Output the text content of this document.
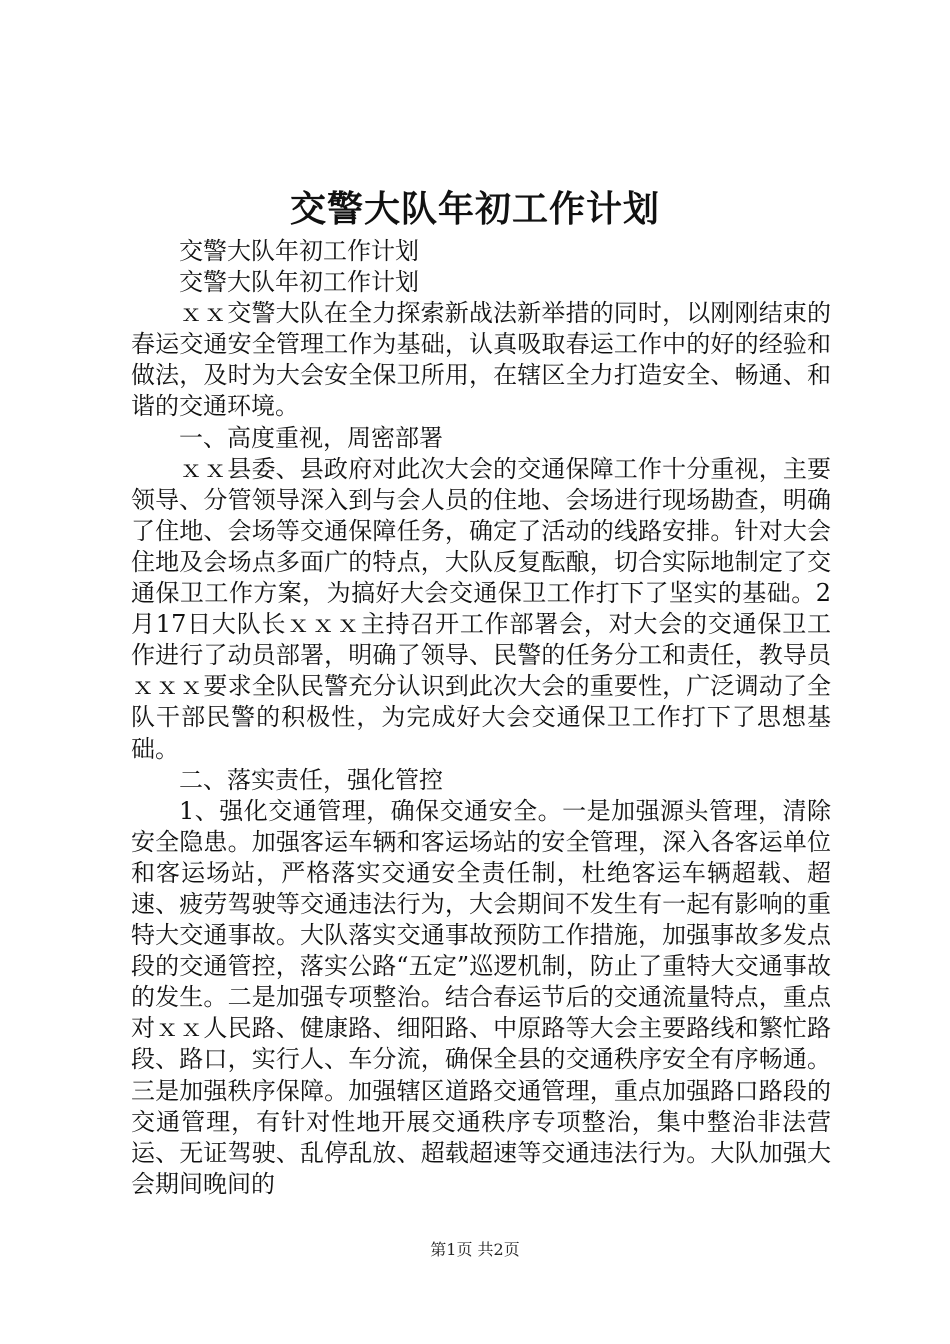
交警大队年初工作计划

交警大队年初工作计划

交警大队年初工作计划

ｘｘ交警大队在全力探索新战法新举措的同时，以刚刚结束的春运交通安全管理工作为基础，认真吸取春运工作中的好的经验和做法，及时为大会安全保卫所用，在辖区全力打造安全、畅通、和谐的交通环境。

一、高度重视，周密部署

ｘｘ县委、县政府对此次大会的交通保障工作十分重视，主要领导、分管领导深入到与会人员的住地、会场进行现场勘查，明确了住地、会场等交通保障任务，确定了活动的线路安排。针对大会住地及会场点多面广的特点，大队反复酝酿，切合实际地制定了交通保卫工作方案，为搞好大会交通保卫工作打下了坚实的基础。2月17日大队长ｘｘｘ主持召开工作部署会，对大会的交通保卫工作进行了动员部署，明确了领导、民警的任务分工和责任，教导员ｘｘｘ要求全队民警充分认识到此次大会的重要性，广泛调动了全队干部民警的积极性，为完成好大会交通保卫工作打下了思想基础。

二、落实责任，强化管控

1、强化交通管理，确保交通安全。一是加强源头管理，清除安全隐患。加强客运车辆和客运场站的安全管理，深入各客运单位和客运场站，严格落实交通安全责任制，杜绝客运车辆超载、超速、疲劳驾驶等交通违法行为，大会期间不发生有一起有影响的重特大交通事故。大队落实交通事故预防工作措施，加强事故多发点段的交通管控，落实公路“五定”巡逻机制，防止了重特大交通事故的发生。二是加强专项整治。结合春运节后的交通流量特点，重点对ｘｘ人民路、健康路、细阳路、中原路等大会主要路线和繁忙路段、路口，实行人、车分流，确保全县的交通秩序安全有序畅通。三是加强秩序保障。加强辖区道路交通管理，重点加强路口路段的交通管理，有针对性地开展交通秩序专项整治，集中整治非法营运、无证驾驶、乱停乱放、超载超速等交通违法行为。大队加强大会期间晚间的

第1页 共2页
